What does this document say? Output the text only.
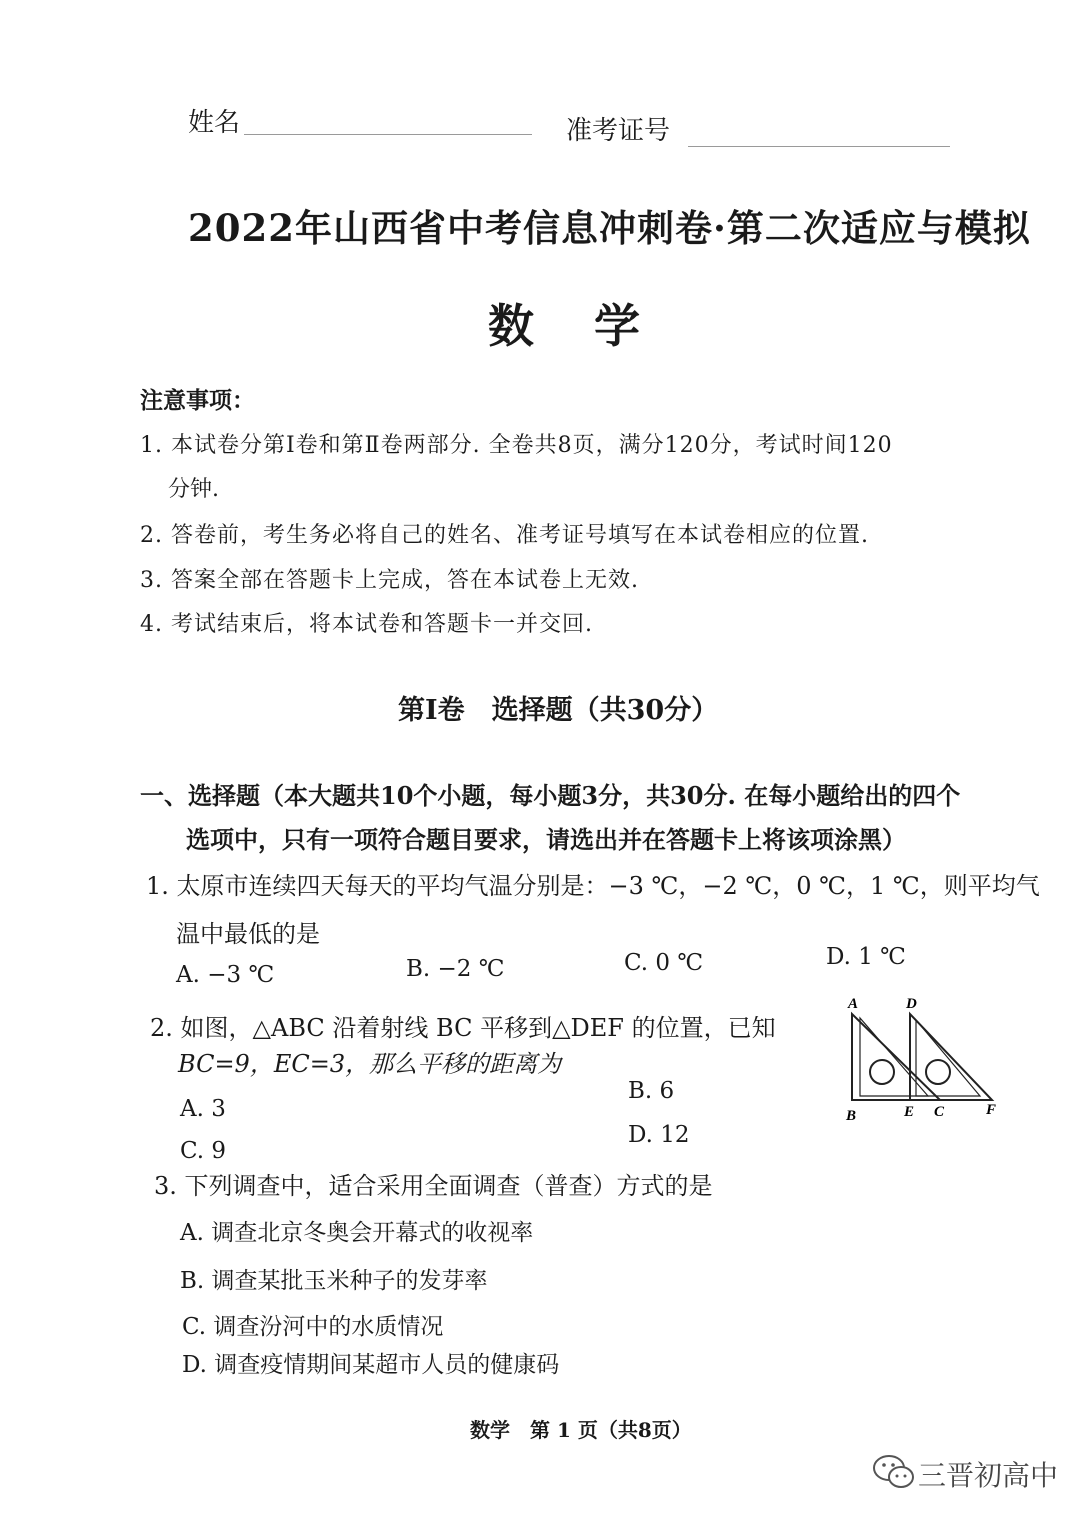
姓名	准考证号
2022年山西省中考信息冲刺卷·第二次适应与模拟
数学
注意事项：
1. 本试卷分第Ⅰ卷和第Ⅱ卷两部分. 全卷共8页，满分120分，考试时间120
分钟.
2. 答卷前，考生务必将自己的姓名、准考证号填写在本试卷相应的位置.
3. 答案全部在答题卡上完成，答在本试卷上无效.
4. 考试结束后，将本试卷和答题卡一并交回.
第Ⅰ卷　选择题（共30分）
一、选择题（本大题共10个小题，每小题3分，共30分. 在每小题给出的四个
选项中，只有一项符合题目要求，请选出并在答题卡上将该项涂黑）
1. 太原市连续四天每天的平均气温分别是：−3 ℃，−2 ℃，0 ℃，1 ℃，则平均气
温中最低的是
A. −3 ℃	B. −2 ℃	C. 0 ℃	D. 1 ℃
2. 如图，△ABC 沿着射线 BC 平移到△DEF 的位置，已知
BC=9，EC=3，那么平移的距离为
A. 3
B. 6
C. 9
D. 12
A	D
B	E C	F
3. 下列调查中，适合采用全面调查（普查）方式的是
A. 调查北京冬奥会开幕式的收视率
B. 调查某批玉米种子的发芽率
C. 调查汾河中的水质情况
D. 调查疫情期间某超市人员的健康码
数学　第 1 页（共8页）
三晋初高中
